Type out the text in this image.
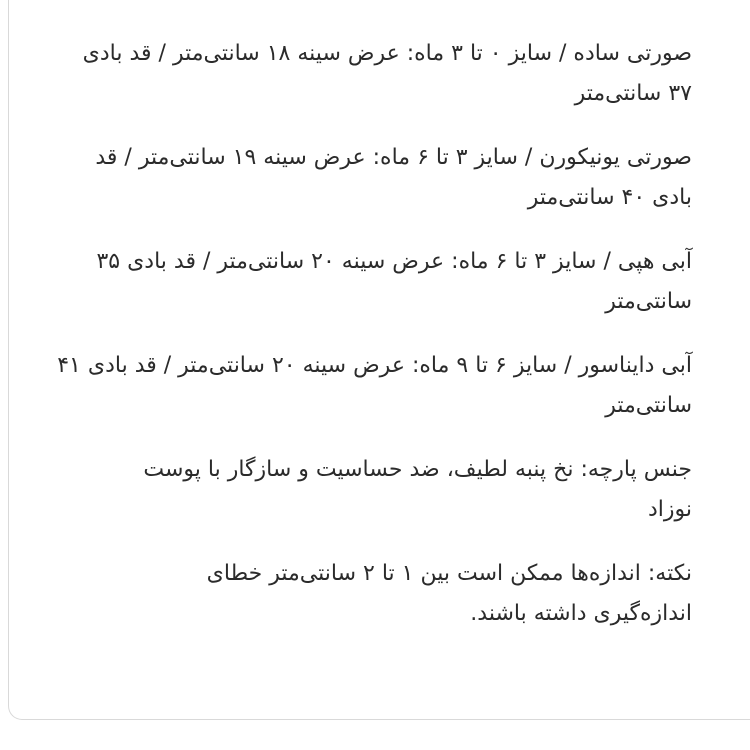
صورتی ساده / سایز ۰ تا ۳ ماه: عرض سینه ۱۸ سانتی‌متر / قد بادی ۳۷ سانتی‌متر

صورتی یونیکورن / سایز ۳ تا ۶ ماه: عرض سینه ۱۹ سانتی‌متر / قد بادی ۴۰ سانتی‌متر

آبی هپی / سایز ۳ تا ۶ ماه: عرض سینه ۲۰ سانتی‌متر / قد بادی ۳۵ سانتی‌متر

آبی دایناسور / سایز ۶ تا ۹ ماه: عرض سینه ۲۰ سانتی‌متر / قد بادی ۴۱ سانتی‌متر

جنس پارچه: نخ پنبه لطیف، ضد حساسیت و سازگار با پوست نوزاد

نکته: اندازه‌ها ممکن است بین ۱ تا ۲ سانتی‌متر خطای اندازه‌گیری داشته باشند.
